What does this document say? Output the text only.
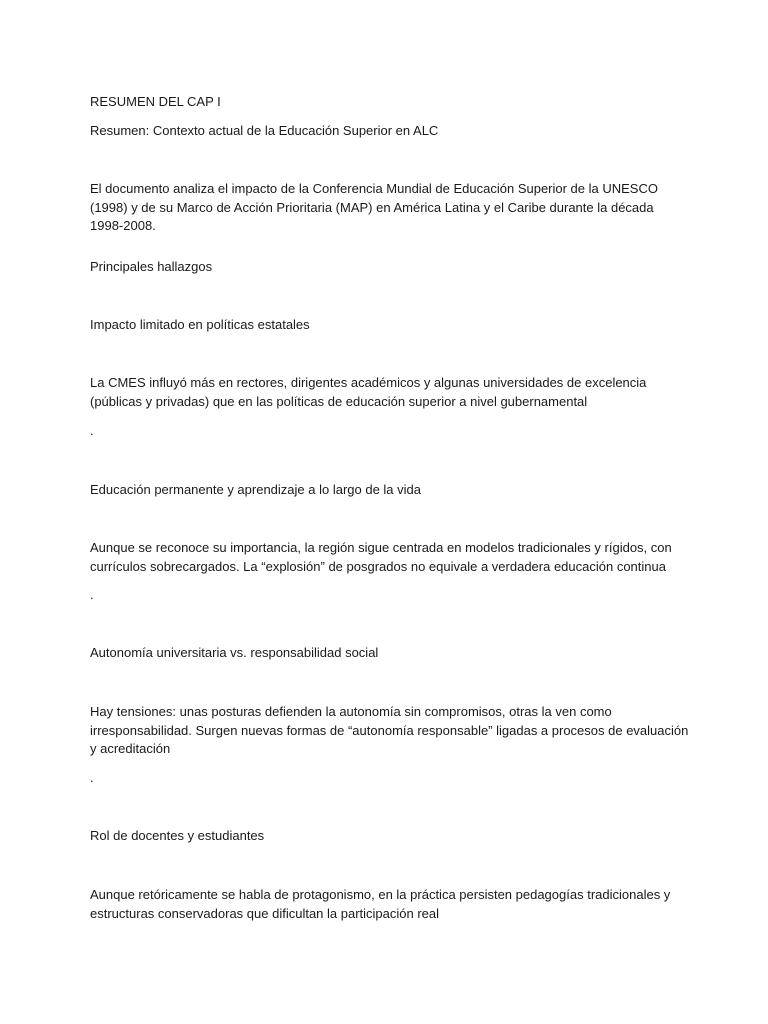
RESUMEN DEL CAP I

Resumen: Contexto actual de la Educación Superior en ALC

El documento analiza el impacto de la Conferencia Mundial de Educación Superior de la UNESCO (1998) y de su Marco de Acción Prioritaria (MAP) en América Latina y el Caribe durante la década 1998-2008.

Principales hallazgos

Impacto limitado en políticas estatales

La CMES influyó más en rectores, dirigentes académicos y algunas universidades de excelencia (públicas y privadas) que en las políticas de educación superior a nivel gubernamental

.

Educación permanente y aprendizaje a lo largo de la vida

Aunque se reconoce su importancia, la región sigue centrada en modelos tradicionales y rígidos, con currículos sobrecargados. La “explosión” de posgrados no equivale a verdadera educación continua

.

Autonomía universitaria vs. responsabilidad social

Hay tensiones: unas posturas defienden la autonomía sin compromisos, otras la ven como irresponsabilidad. Surgen nuevas formas de “autonomía responsable” ligadas a procesos de evaluación y acreditación

.

Rol de docentes y estudiantes

Aunque retóricamente se habla de protagonismo, en la práctica persisten pedagogías tradicionales y estructuras conservadoras que dificultan la participación real
